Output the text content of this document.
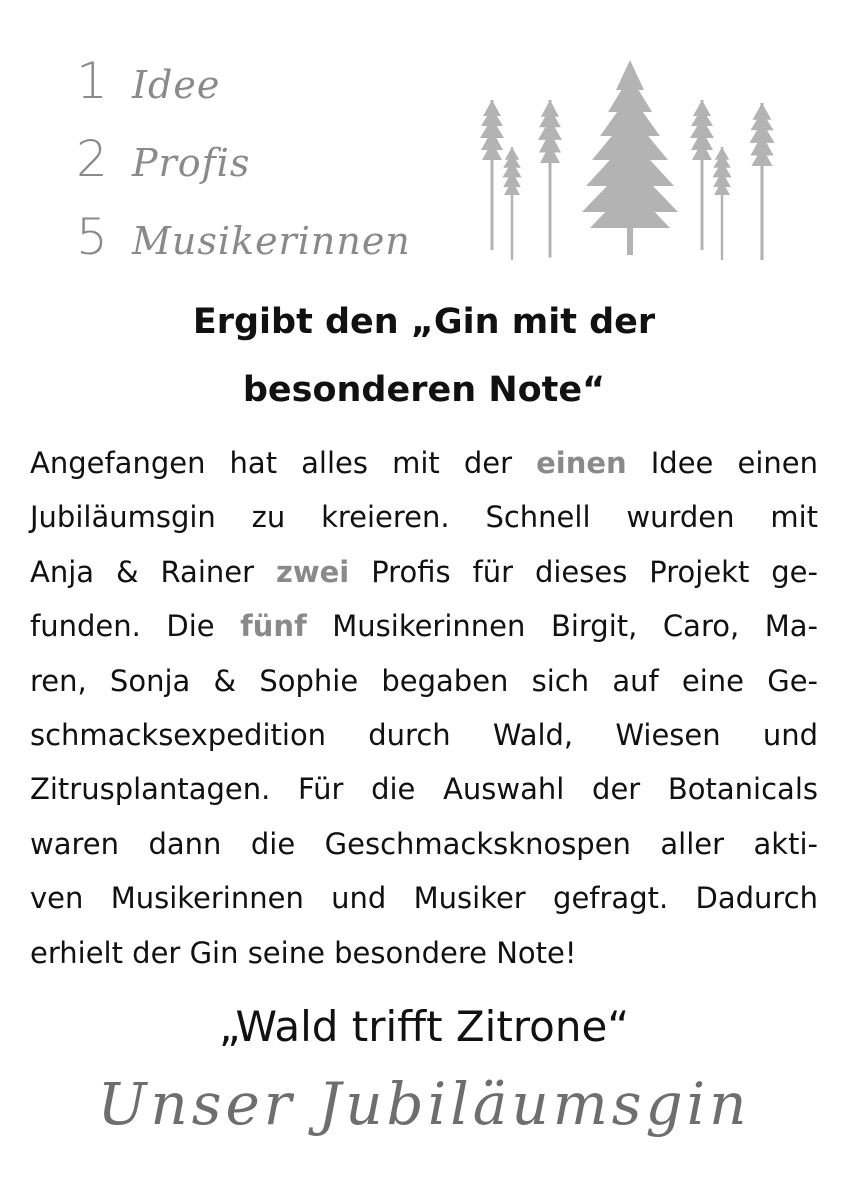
1 Idee
2 Profis
5 Musikerinnen
Ergibt den „Gin mit der
besonderen Note“
Angefangen hat alles mit der einen Idee einen
Jubiläumsgin zu kreieren. Schnell wurden mit
Anja & Rainer zwei Profis für dieses Projekt ge-
funden. Die fünf Musikerinnen Birgit, Caro, Ma-
ren, Sonja & Sophie begaben sich auf eine Ge-
schmacksexpedition durch Wald, Wiesen und
Zitrusplantagen. Für die Auswahl der Botanicals
waren dann die Geschmacksknospen aller akti-
ven Musikerinnen und Musiker gefragt. Dadurch
erhielt der Gin seine besondere Note!
„Wald trifft Zitrone“
Unser Jubiläumsgin
